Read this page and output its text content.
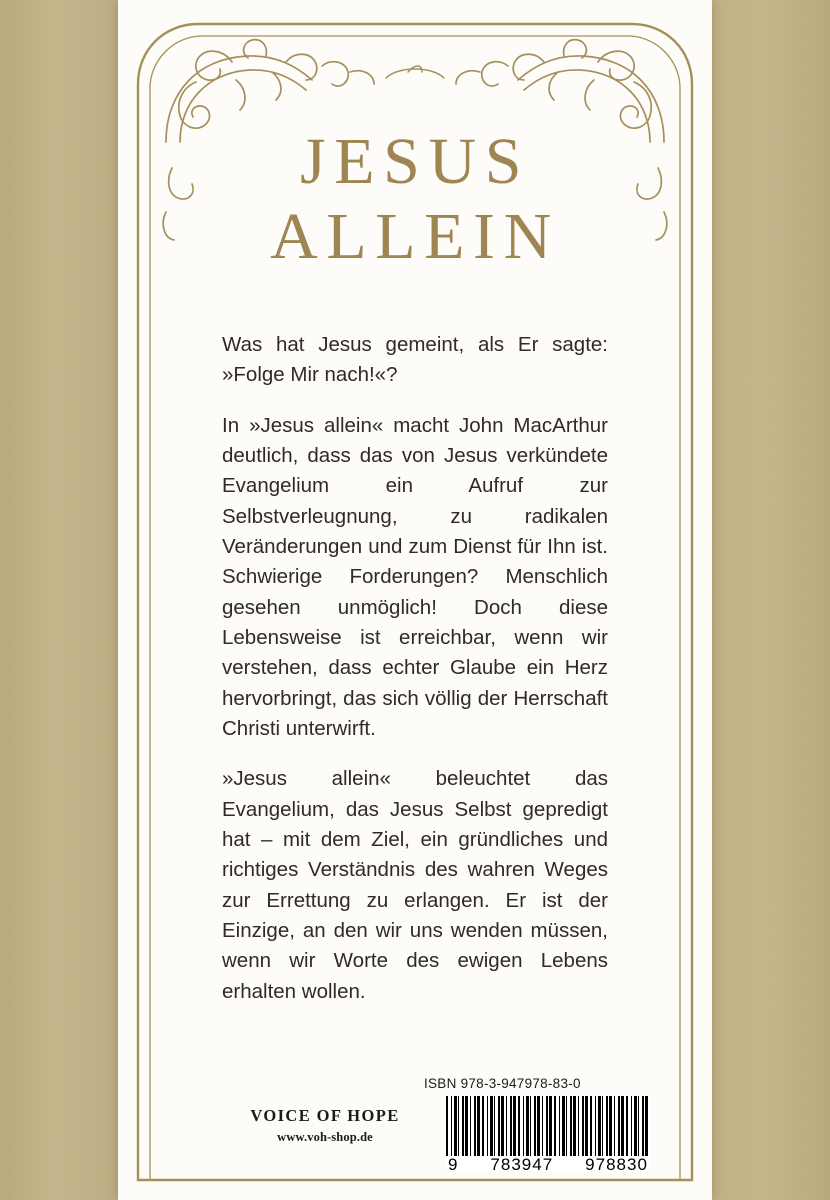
JESUS
ALLEIN

Was hat Jesus gemeint, als Er sagte: »Folge Mir nach!«?

In »Jesus allein« macht John MacArthur deutlich, dass das von Jesus verkündete Evangelium ein Aufruf zur Selbstverleugnung, zu radikalen Veränderungen und zum Dienst für Ihn ist. Schwierige Forderungen? Menschlich gesehen unmöglich! Doch diese Lebensweise ist erreichbar, wenn wir verstehen, dass echter Glaube ein Herz hervorbringt, das sich völlig der Herrschaft Christi unterwirft.

»Jesus allein« beleuchtet das Evangelium, das Jesus Selbst gepredigt hat – mit dem Ziel, ein gründliches und richtiges Verständnis des wahren Weges zur Errettung zu erlangen. Er ist der Einzige, an den wir uns wenden müssen, wenn wir Worte des ewigen Lebens erhalten wollen.

ISBN 978-3-947978-83-0
VOICE OF HOPE
www.voh-shop.de
9 783947 978830
